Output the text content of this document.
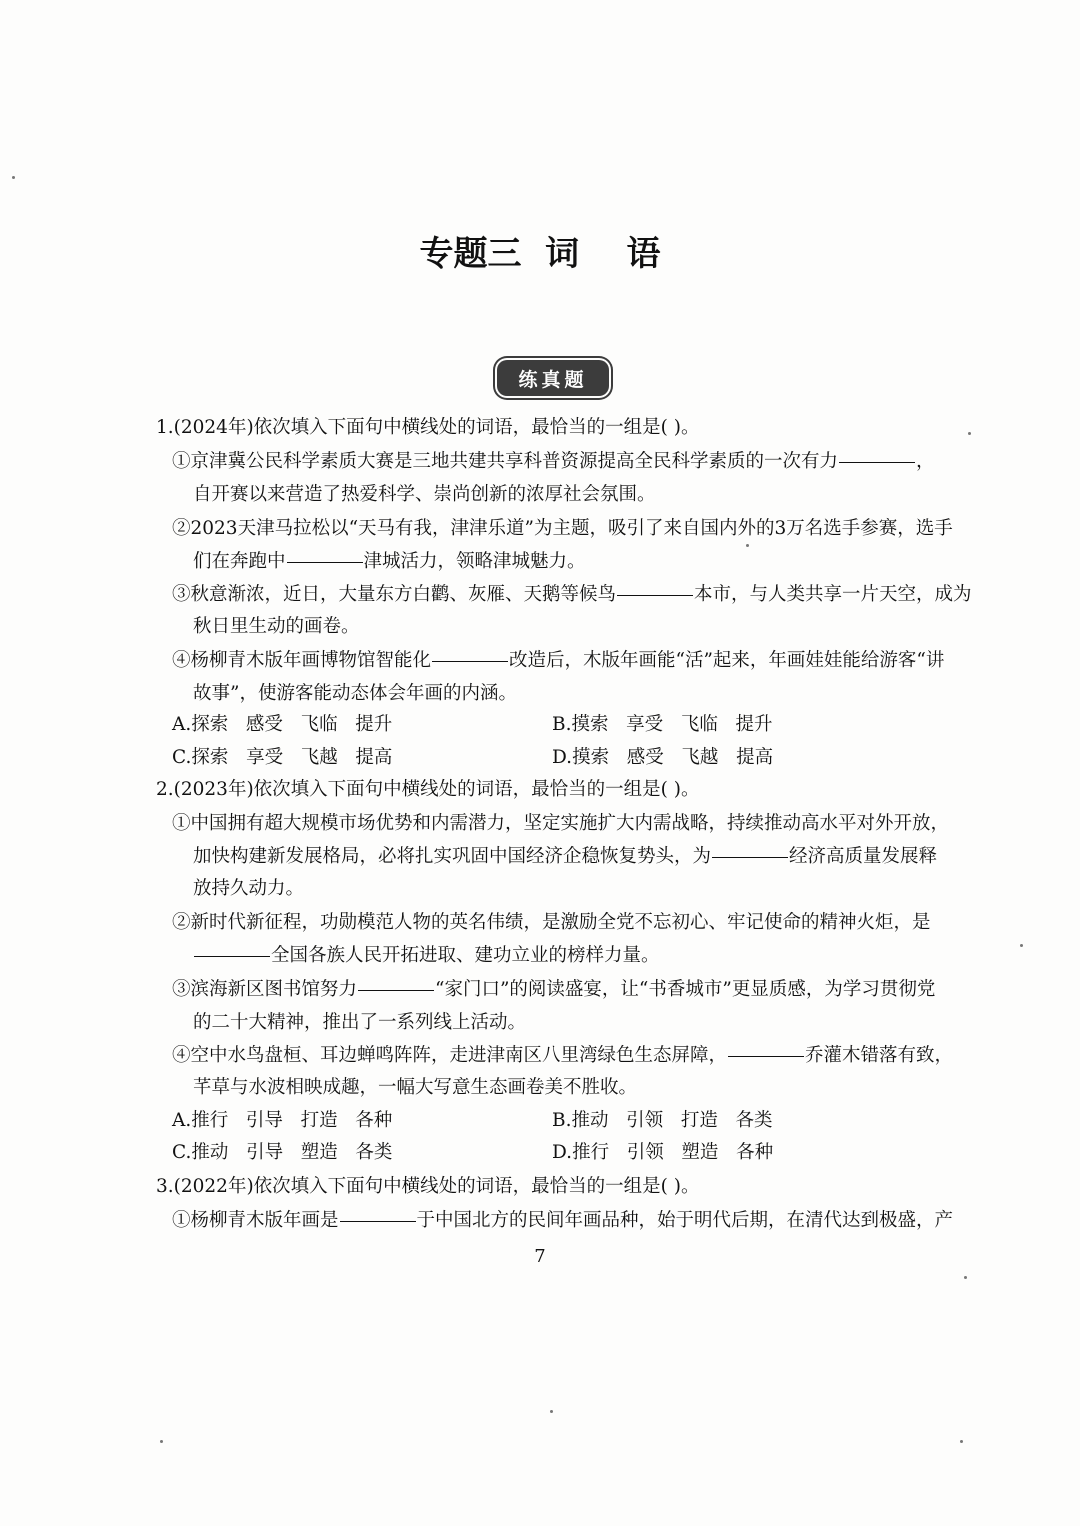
专题三  词    语
练真题
1.(2024年)依次填入下面句中横线处的词语，最恰当的一组是( )。
①京津冀公民科学素质大赛是三地共建共享科普资源提高全民科学素质的一次有力	，
自开赛以来营造了热爱科学、崇尚创新的浓厚社会氛围。
②2023天津马拉松以“天马有我，津津乐道”为主题，吸引了来自国内外的3万名选手参赛，选手
们在奔跑中	津城活力，领略津城魅力。
③秋意渐浓，近日，大量东方白鹳、灰雁、天鹅等候鸟	本市，与人类共享一片天空，成为
秋日里生动的画卷。
④杨柳青木版年画博物馆智能化	改造后，木版年画能“活”起来，年画娃娃能给游客“讲
故事”，使游客能动态体会年画的内涵。
A.探索 感受 飞临 提升	B.摸索 享受 飞临 提升
C.探索 享受 飞越 提高	D.摸索 感受 飞越 提高
2.(2023年)依次填入下面句中横线处的词语，最恰当的一组是( )。
①中国拥有超大规模市场优势和内需潜力，坚定实施扩大内需战略，持续推动高水平对外开放，
加快构建新发展格局，必将扎实巩固中国经济企稳恢复势头，为	经济高质量发展释
放持久动力。
②新时代新征程，功勋模范人物的英名伟绩，是激励全党不忘初心、牢记使命的精神火炬，是
全国各族人民开拓进取、建功立业的榜样力量。
③滨海新区图书馆努力	“家门口”的阅读盛宴，让“书香城市”更显质感，为学习贯彻党
的二十大精神，推出了一系列线上活动。
④空中水鸟盘桓、耳边蝉鸣阵阵，走进津南区八里湾绿色生态屏障，	乔灌木错落有致，
芊草与水波相映成趣，一幅大写意生态画卷美不胜收。
A.推行 引导 打造 各种	B.推动 引领 打造 各类
C.推动 引导 塑造 各类	D.推行 引领 塑造 各种
3.(2022年)依次填入下面句中横线处的词语，最恰当的一组是( )。
①杨柳青木版年画是	于中国北方的民间年画品种，始于明代后期，在清代达到极盛，产
7
